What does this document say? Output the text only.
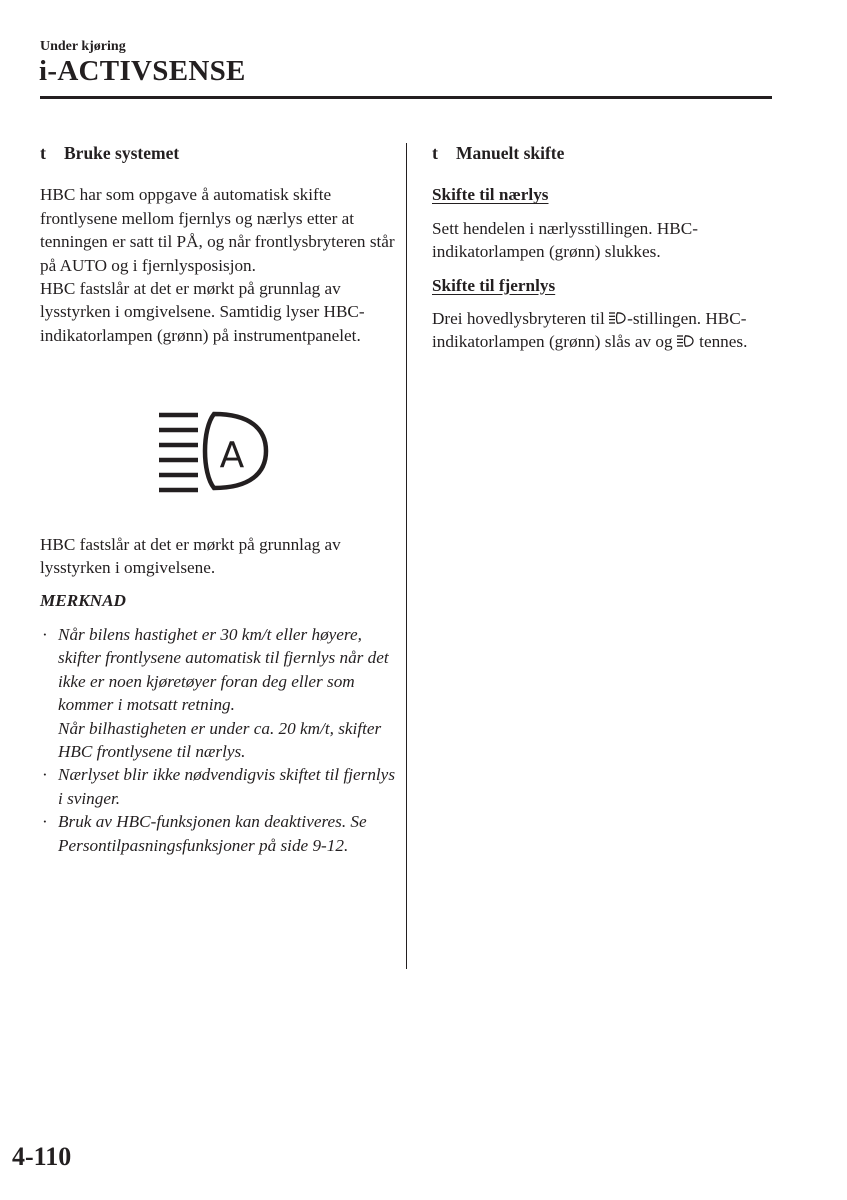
Under kjøring
i-ACTIVSENSE
t	Bruke systemet

HBC har som oppgave å automatisk skifte frontlysene mellom fjernlys og nærlys etter at tenningen er satt til PÅ, og når frontlysbryteren står på AUTO og i fjernlysposisjon.

HBC fastslår at det er mørkt på grunnlag av lysstyrken i omgivelsene. Samtidig lyser HBC-indikatorlampen (grønn) på instrumentpanelet.

A

HBC fastslår at det er mørkt på grunnlag av lysstyrken i omgivelsene.

MERKNAD
· Når bilens hastighet er 30 km/t eller høyere, skifter frontlysene automatisk til fjernlys når det ikke er noen kjøretøyer foran deg eller som kommer i motsatt retning.
Når bilhastigheten er under ca. 20 km/t, skifter HBC frontlysene til nærlys.
· Nærlyset blir ikke nødvendigvis skiftet til fjernlys i svinger.
· Bruk av HBC-funksjonen kan deaktiveres. Se Persontilpasningsfunksjoner på side 9-12.
t	Manuelt skifte
Skifte til nærlys

Sett hendelen i nærlysstillingen. HBC-indikatorlampen (grønn) slukkes.

Skifte til fjernlys

Drei hovedlysbryteren til -stillingen. HBC-indikatorlampen (grønn) slås av og  tennes.

4-110
